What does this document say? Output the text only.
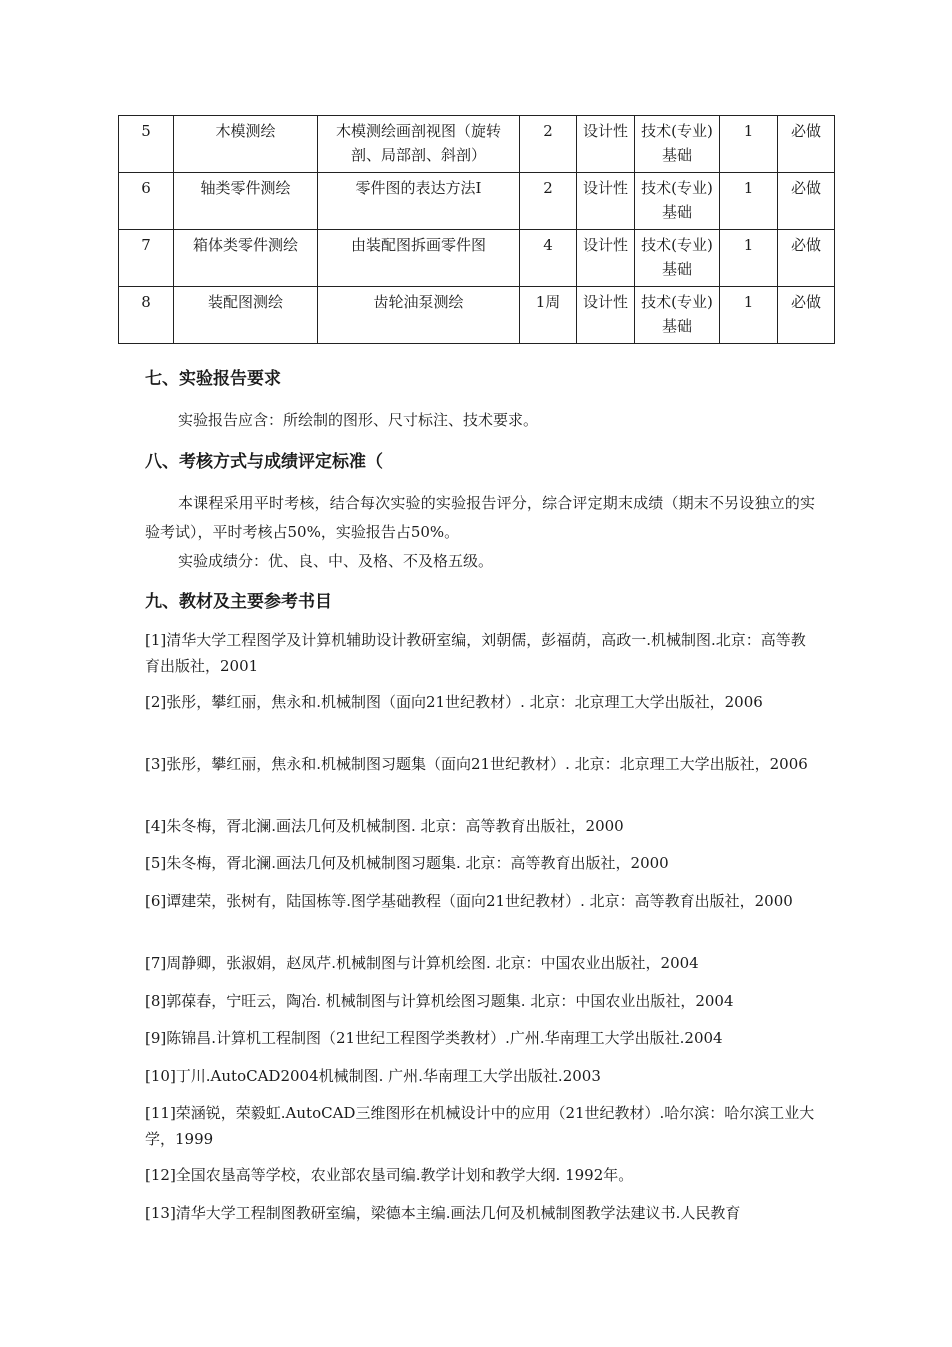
5	木模测绘	木模测绘画剖视图（旋转剖、局部剖、斜剖）	2	设计性	技术(专业)基础	1	必做
6	轴类零件测绘	零件图的表达方法Ⅰ	2	设计性	技术(专业)基础	1	必做
7	箱体类零件测绘	由装配图拆画零件图	4	设计性	技术(专业)基础	1	必做
8	装配图测绘	齿轮油泵测绘	1周	设计性	技术(专业)基础	1	必做
七、实验报告要求
实验报告应含：所绘制的图形、尺寸标注、技术要求。
八、考核方式与成绩评定标准（
本课程采用平时考核，结合每次实验的实验报告评分，综合评定期末成绩（期末不另设独立的实验考试），平时考核占50%，实验报告占50%。
实验成绩分：优、良、中、及格、不及格五级。
九、教材及主要参考书目
[1]清华大学工程图学及计算机辅助设计教研室编，刘朝儒，彭福荫，高政一.机械制图.北京：高等教育出版社，2001
[2]张彤，攀红丽，焦永和.机械制图（面向21世纪教材）. 北京：北京理工大学出版社，2006
[3]张彤，攀红丽，焦永和.机械制图习题集（面向21世纪教材）. 北京：北京理工大学出版社，2006
[4]朱冬梅，胥北澜.画法几何及机械制图. 北京：高等教育出版社，2000
[5]朱冬梅，胥北澜.画法几何及机械制图习题集. 北京：高等教育出版社，2000
[6]谭建荣，张树有，陆国栋等.图学基础教程（面向21世纪教材）. 北京：高等教育出版社，2000
[7]周静卿，张淑娟，赵凤芹.机械制图与计算机绘图. 北京：中国农业出版社，2004
[8]郭葆春，宁旺云，陶冶. 机械制图与计算机绘图习题集. 北京：中国农业出版社，2004
[9]陈锦昌.计算机工程制图（21世纪工程图学类教材）.广州.华南理工大学出版社.2004
[10]丁川.AutoCAD2004机械制图. 广州.华南理工大学出版社.2003
[11]荣涵锐，荣毅虹.AutoCAD三维图形在机械设计中的应用（21世纪教材）.哈尔滨：哈尔滨工业大学，1999
[12]全国农垦高等学校，农业部农垦司编.教学计划和教学大纲. 1992年。
[13]清华大学工程制图教研室编，梁德本主编.画法几何及机械制图教学法建议书.人民教育
